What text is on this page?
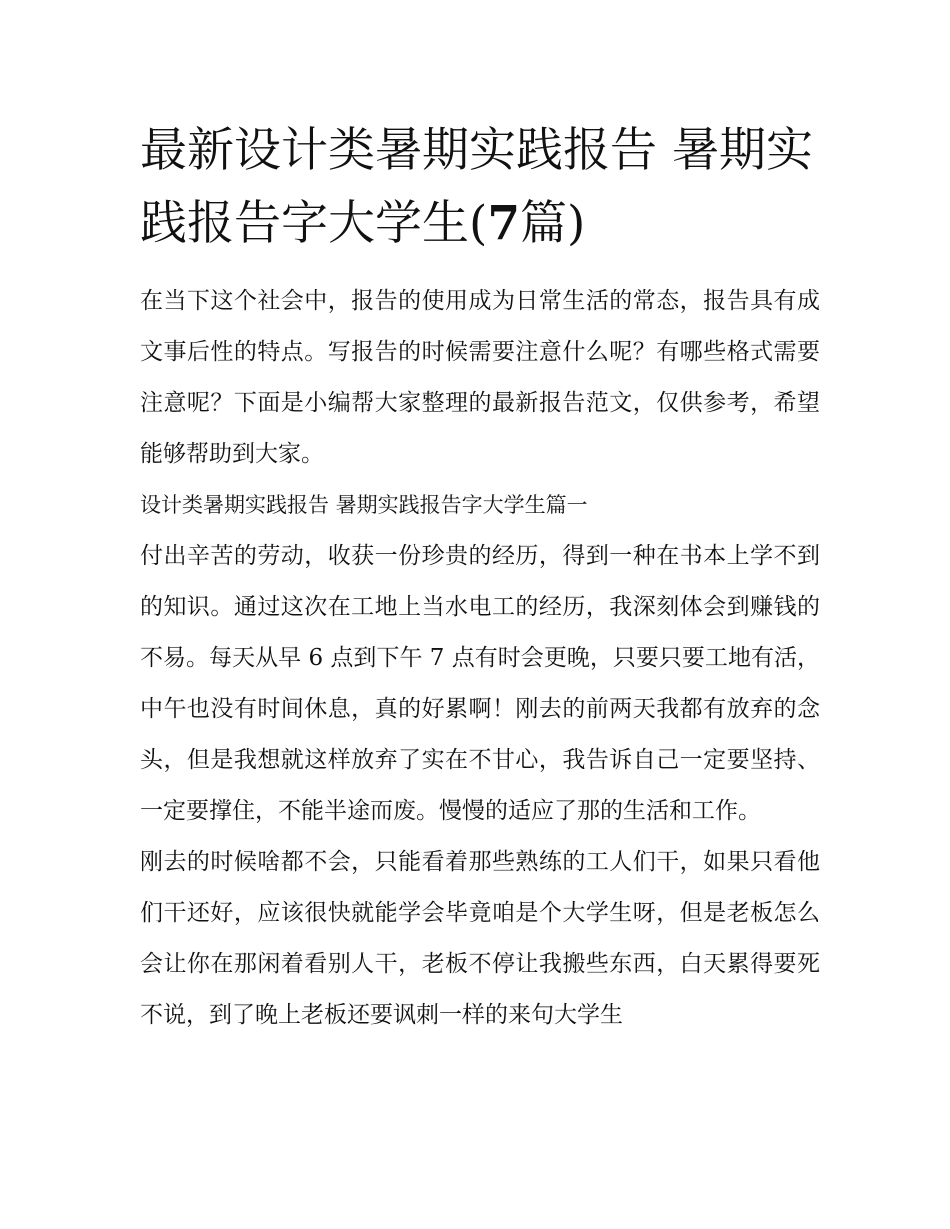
最新设计类暑期实践报告 暑期实践报告字大学生(7篇)

在当下这个社会中，报告的使用成为日常生活的常态，报告具有成文事后性的特点。写报告的时候需要注意什么呢？有哪些格式需要注意呢？下面是小编帮大家整理的最新报告范文，仅供参考，希望能够帮助到大家。

设计类暑期实践报告 暑期实践报告字大学生篇一

付出辛苦的劳动，收获一份珍贵的经历，得到一种在书本上学不到的知识。通过这次在工地上当水电工的经历，我深刻体会到赚钱的不易。每天从早 6 点到下午 7 点有时会更晚，只要只要工地有活，中午也没有时间休息，真的好累啊！刚去的前两天我都有放弃的念头，但是我想就这样放弃了实在不甘心，我告诉自己一定要坚持、一定要撑住，不能半途而废。慢慢的适应了那的生活和工作。

刚去的时候啥都不会，只能看着那些熟练的工人们干，如果只看他们干还好，应该很快就能学会毕竟咱是个大学生呀，但是老板怎么会让你在那闲着看别人干，老板不停让我搬些东西，白天累得要死不说，到了晚上老板还要讽刺一样的来句大学生
